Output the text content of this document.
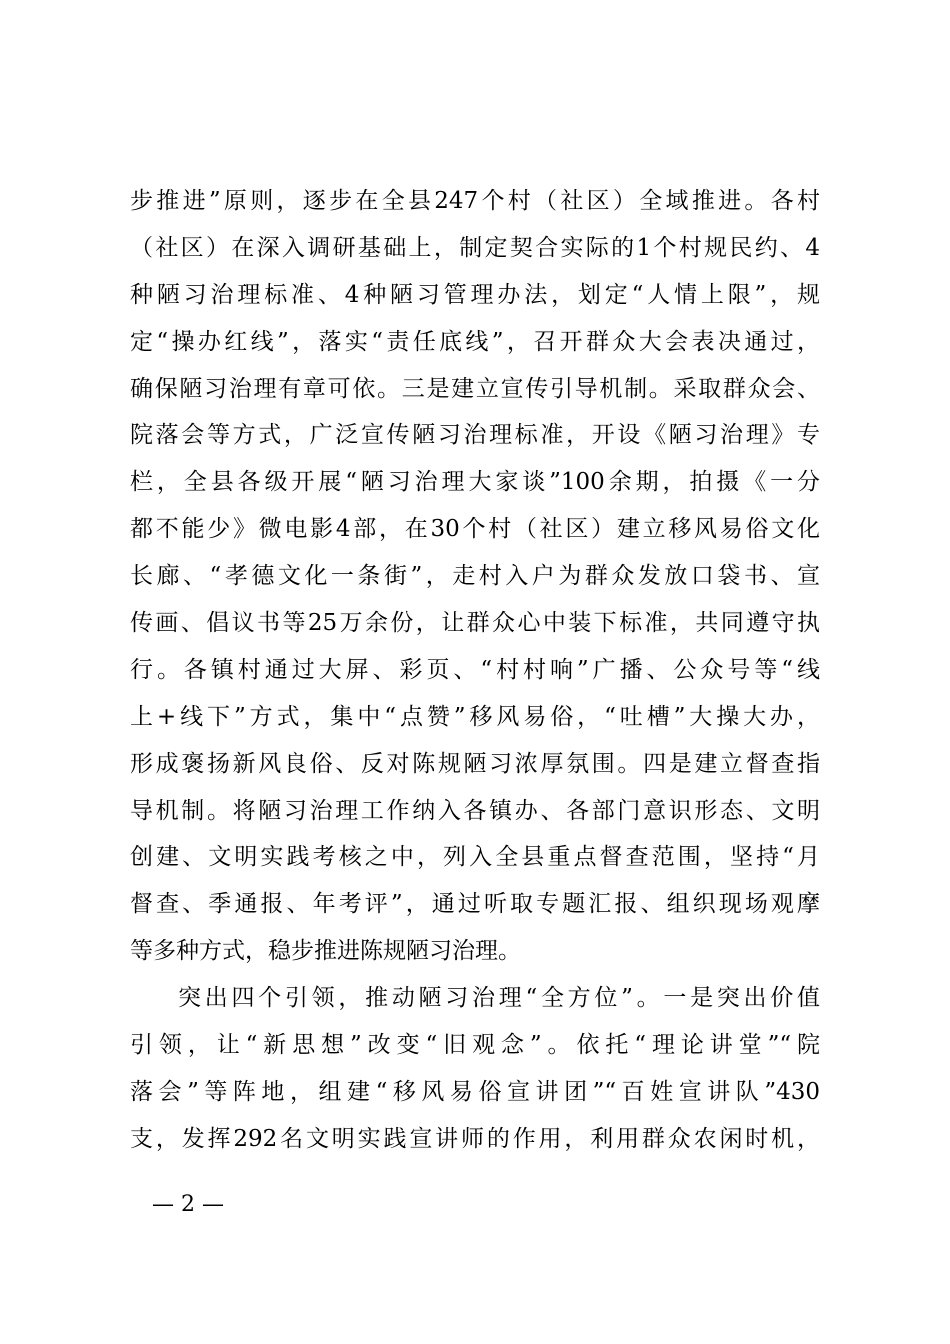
步推进”原则，逐步在全县247个村（社区）全域推进。各村
（社区）在深入调研基础上，制定契合实际的1个村规民约、4
种陋习治理标准、4种陋习管理办法，划定“人情上限”，规
定“操办红线”，落实“责任底线”，召开群众大会表决通过，
确保陋习治理有章可依。三是建立宣传引导机制。采取群众会、
院落会等方式，广泛宣传陋习治理标准，开设《陋习治理》专
栏，全县各级开展“陋习治理大家谈”100余期，拍摄《一分
都不能少》微电影4部，在30个村（社区）建立移风易俗文化
长廊、“孝德文化一条街”，走村入户为群众发放口袋书、宣
传画、倡议书等25万余份，让群众心中装下标准，共同遵守执
行。各镇村通过大屏、彩页、“村村响”广播、公众号等“线
上+线下”方式，集中“点赞”移风易俗，“吐槽”大操大办，
形成褒扬新风良俗、反对陈规陋习浓厚氛围。四是建立督查指
导机制。将陋习治理工作纳入各镇办、各部门意识形态、文明
创建、文明实践考核之中，列入全县重点督查范围，坚持“月
督查、季通报、年考评”，通过听取专题汇报、组织现场观摩
等多种方式，稳步推进陈规陋习治理。
突出四个引领，推动陋习治理“全方位”。一是突出价值
引领，让“新思想”改变“旧观念”。依托“理论讲堂”“院
落会”等阵地，组建“移风易俗宣讲团”“百姓宣讲队”430
支，发挥292名文明实践宣讲师的作用，利用群众农闲时机，
— 2 —
